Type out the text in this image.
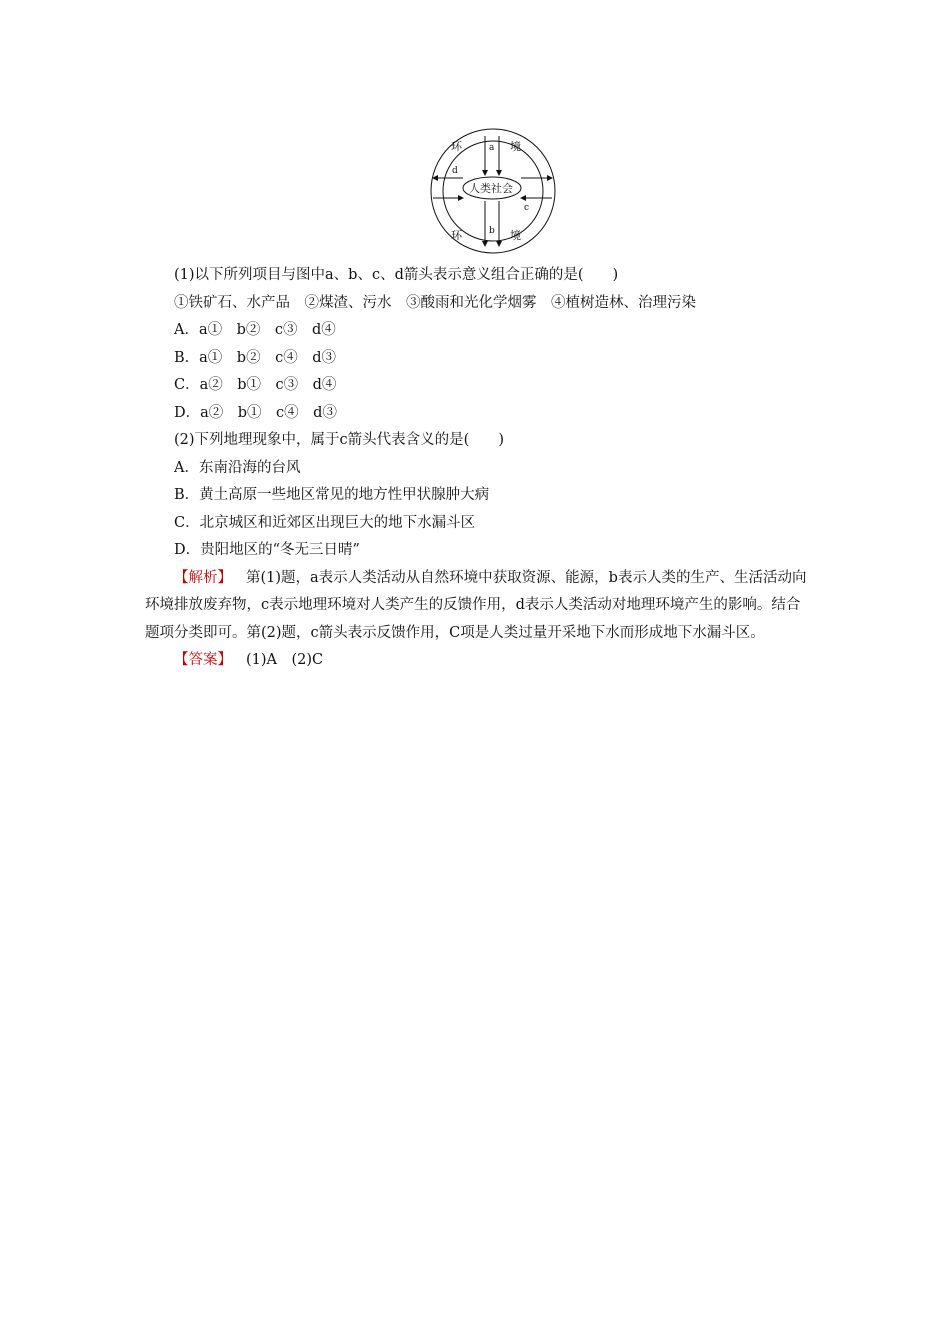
环	境
环	境
人类社会
a
b
d
c
(1)以下所列项目与图中a、b、c、d箭头表示意义组合正确的是(　　)
①铁矿石、水产品　②煤渣、污水　③酸雨和光化学烟雾　④植树造林、治理污染
A．a①　b②　c③　d④
B．a①　b②　c④　d③
C．a②　b①　c③　d④
D．a②　b①　c④　d③
(2)下列地理现象中，属于c箭头代表含义的是(　　)
A．东南沿海的台风
B．黄土高原一些地区常见的地方性甲状腺肿大病
C．北京城区和近郊区出现巨大的地下水漏斗区
D．贵阳地区的“冬无三日晴”

【解析】 第(1)题，a表示人类活动从自然环境中获取资源、能源，b表示人类的生产、生活活动向环境排放废弃物，c表示地理环境对人类产生的反馈作用，d表示人类活动对地理环境产生的影响。结合题项分类即可。第(2)题，c箭头表示反馈作用，C项是人类过量开采地下水而形成地下水漏斗区。

【答案】 (1)A　(2)C
